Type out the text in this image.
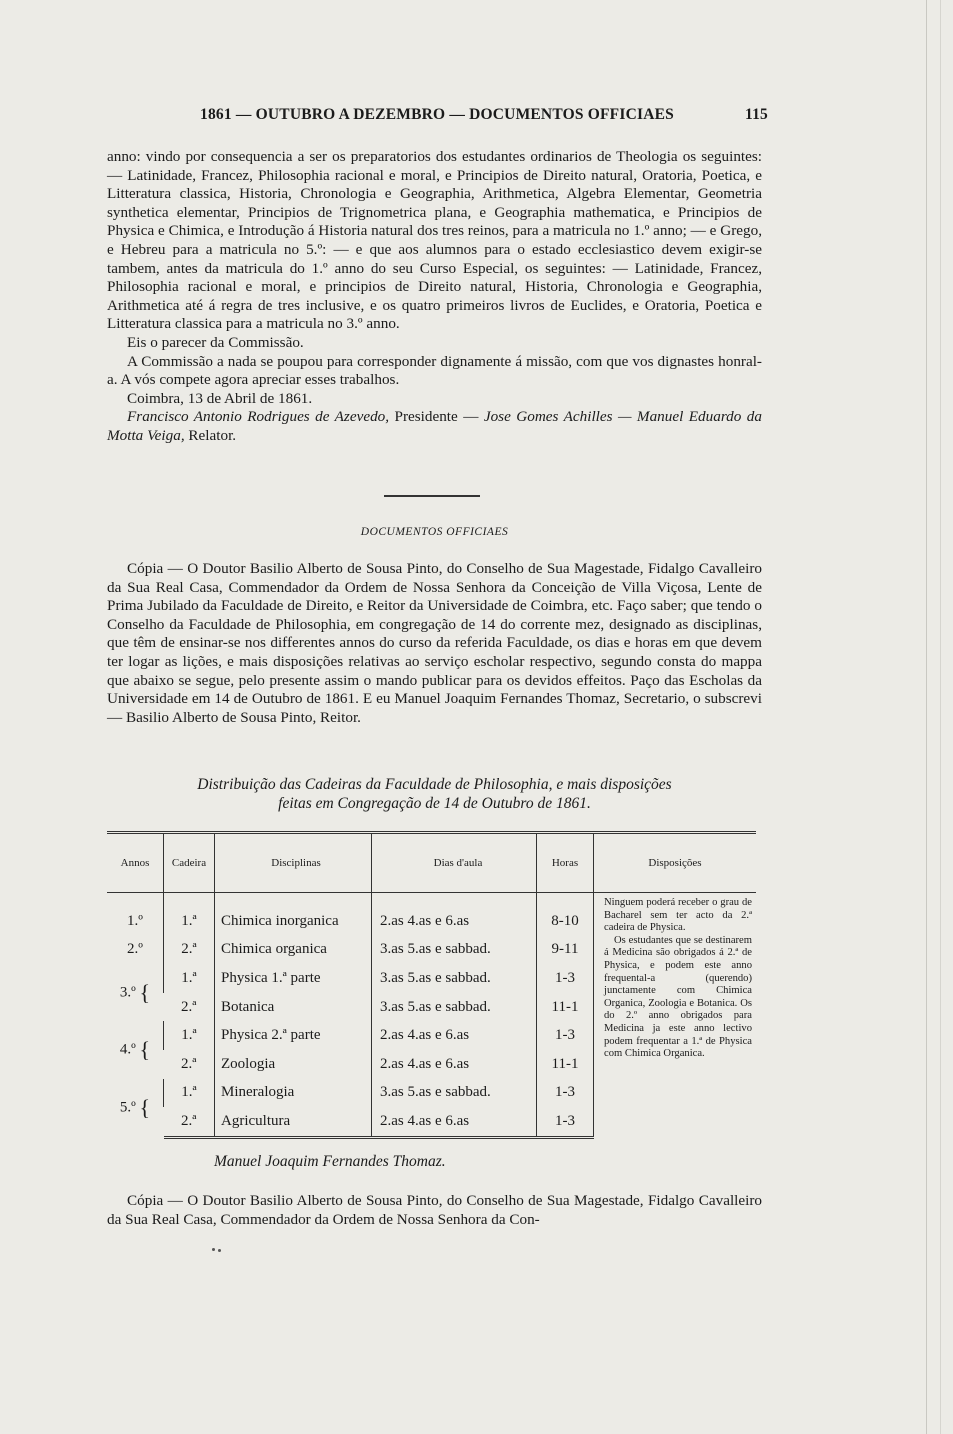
1861 — OUTUBRO A DEZEMBRO — DOCUMENTOS OFFICIAES	115

anno: vindo por consequencia a ser os preparatorios dos estudantes ordinarios de Theologia os seguintes: — Latinidade, Francez, Philosophia racional e moral, e Principios de Direito natural, Oratoria, Poetica, e Litteratura classica, Historia, Chronologia e Geographia, Arithmetica, Algebra Elementar, Geometria synthetica elementar, Principios de Trignometrica plana, e Geographia mathematica, e Principios de Physica e Chimica, e Introdução á Historia natural dos tres reinos, para a matricula no 1.º anno; — e Grego, e Hebreu para a matricula no 5.º: — e que aos alumnos para o estado ecclesiastico devem exigir-se tambem, antes da matricula do 1.º anno do seu Curso Especial, os seguintes: — Latinidade, Francez, Philosophia racional e moral, e principios de Direito natural, Historia, Chronologia e Geographia, Arithmetica até á regra de tres inclusive, e os quatro primeiros livros de Euclides, e Oratoria, Poetica e Litteratura classica para a matricula no 3.º anno.

Eis o parecer da Commissão.

A Commissão a nada se poupou para corresponder dignamente á missão, com que vos dignastes honral-a. A vós compete agora apreciar esses trabalhos.

Coimbra, 13 de Abril de 1861.

Francisco Antonio Rodrigues de Azevedo, Presidente — Jose Gomes Achilles — Manuel Eduardo da Motta Veiga, Relator.

DOCUMENTOS OFFICIAES

Cópia — O Doutor Basilio Alberto de Sousa Pinto, do Conselho de Sua Magestade, Fidalgo Cavalleiro da Sua Real Casa, Commendador da Ordem de Nossa Senhora da Conceição de Villa Viçosa, Lente de Prima Jubilado da Faculdade de Direito, e Reitor da Universidade de Coimbra, etc. Faço saber; que tendo o Conselho da Faculdade de Philosophia, em congregação de 14 do corrente mez, designado as disciplinas, que têm de ensinar-se nos differentes annos do curso da referida Faculdade, os dias e horas em que devem ter logar as lições, e mais disposições relativas ao serviço escholar respectivo, segundo consta do mappa que abaixo se segue, pelo presente assim o mando publicar para os devidos effeitos. Paço das Escholas da Universidade em 14 de Outubro de 1861. E eu Manuel Joaquim Fernandes Thomaz, Secretario, o subscrevi — Basilio Alberto de Sousa Pinto, Reitor.

Distribuição das Cadeiras da Faculdade de Philosophia, e mais disposições
feitas em Congregação de 14 de Outubro de 1861.
Annos	Cadeira	Disciplinas	Dias d'aula	Horas	Disposições
1.º	1.ª	Chimica inorganica	2.as 4.as e 6.as	8-10	Ninguem poderá receber o grau de Bacharel sem ter acto da 2.ª cadeira de Physica.
Os estudantes que se destinarem á Medicina são obrigados á 2.ª de Physica, e podem este anno frequental-a (querendo) junctamente com Chimica Organica, Zoologia e Botanica. Os do 2.º anno obrigados para Medicina ja este anno lectivo podem frequentar a 1.ª de Physica com Chimica Organica.

2.º	2.ª	Chimica organica	3.as 5.as e sabbad.	9-11	
3.º {	1.ª	Physica 1.ª parte	3.as 5.as e sabbad.	1-3	
	2.ª	Botanica	3.as 5.as e sabbad.	11-1	
4.º {	1.ª	Physica 2.ª parte	2.as 4.as e 6.as	1-3	
	2.ª	Zoologia	2.as 4.as e 6.as	11-1	
5.º {	1.ª	Mineralogia	3.as 5.as e sabbad.	1-3	
	2.ª	Agricultura	2.as 4.as e 6.as	1-3	
Manuel Joaquim Fernandes Thomaz.

Cópia — O Doutor Basilio Alberto de Sousa Pinto, do Conselho de Sua Magestade, Fidalgo Cavalleiro da Sua Real Casa, Commendador da Ordem de Nossa Senhora da Con-
